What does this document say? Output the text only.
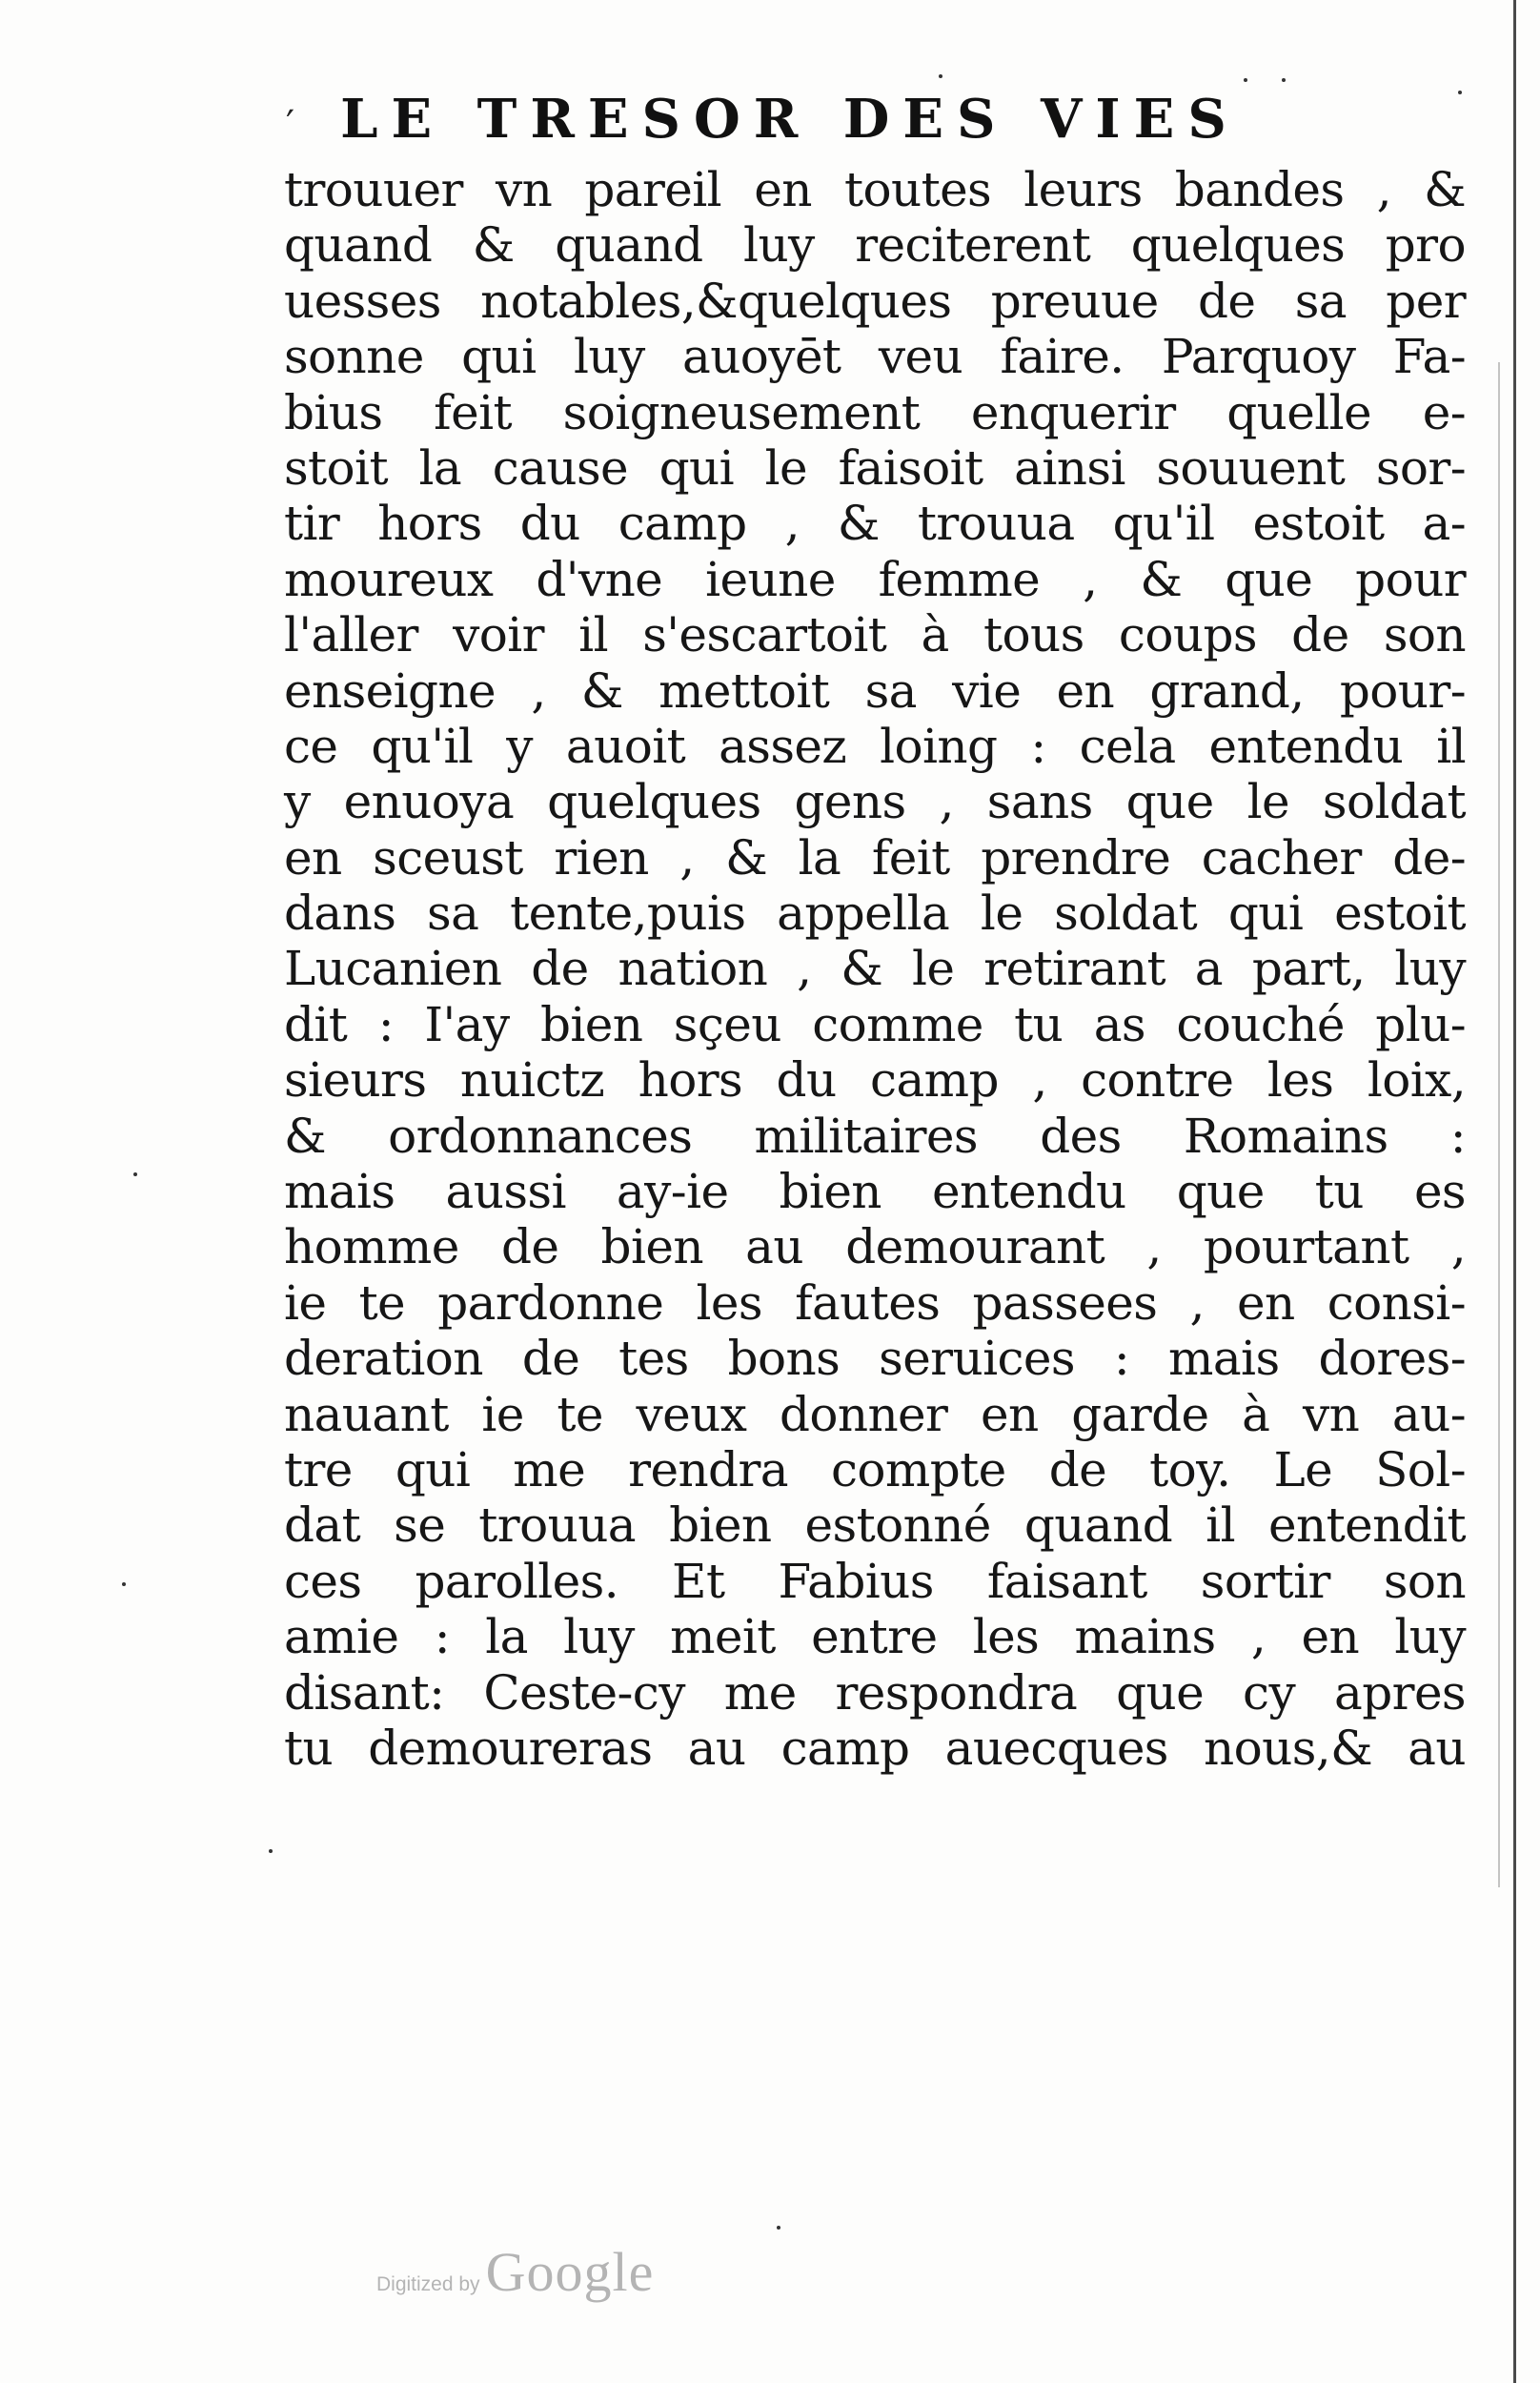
′ LE TRESOR DES VIES
trouuer vn pareil en toutes leurs bandes , &
quand & quand luy reciterent quelques pro
uesses notables,&quelques preuue de sa per
sonne qui luy auoyēt veu faire. Parquoy Fa-
bius feit soigneusement enquerir quelle e-
stoit la cause qui le faisoit ainsi souuent sor-
tir hors du camp , & trouua qu'il estoit a-
moureux d'vne ieune femme , & que pour
l'aller voir il s'escartoit à tous coups de son
enseigne , & mettoit sa vie en grand, pour-
ce qu'il y auoit assez loing : cela entendu il
y enuoya quelques gens , sans que le soldat
en sceust rien , & la feit prendre cacher de-
dans sa tente,puis appella le soldat qui estoit
Lucanien de nation , & le retirant a part, luy
dit : I'ay bien sçeu comme tu as couché plu-
sieurs nuictz hors du camp , contre les loix,
& ordonnances militaires des Romains :
mais aussi ay-ie bien entendu que tu es
homme de bien au demourant , pourtant ,
ie te pardonne les fautes passees , en consi-
deration de tes bons seruices : mais dores-
nauant ie te veux donner en garde à vn au-
tre qui me rendra compte de toy. Le Sol-
dat se trouua bien estonné quand il entendit
ces parolles. Et Fabius faisant sortir son
amie : la luy meit entre les mains , en luy
disant: Ceste-cy me respondra que cy apres
tu demoureras au camp auecques nous,& au
Digitized by Google
